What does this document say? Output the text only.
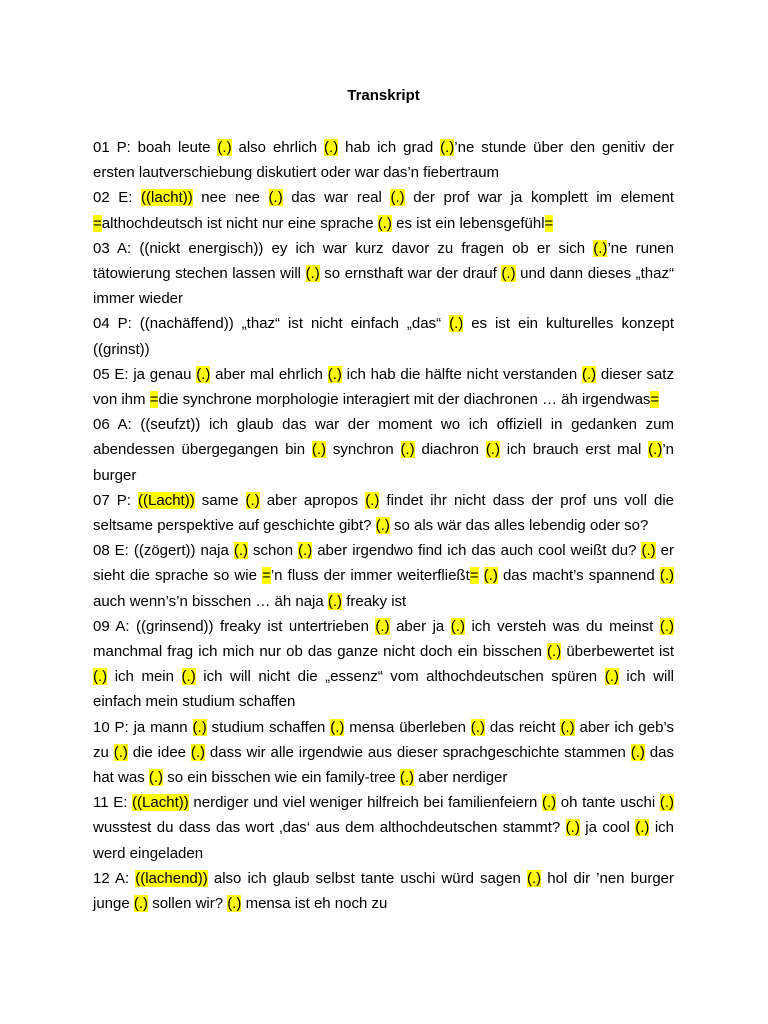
Transkript

01 P: boah leute (.) also ehrlich (.) hab ich grad (.)’ne stunde über den genitiv der ersten lautverschiebung diskutiert oder war das’n fiebertraum

02 E: ((lacht)) nee nee (.) das war real (.) der prof war ja komplett im element =althochdeutsch ist nicht nur eine sprache (.) es ist ein lebensgefühl=

03 A: ((nickt energisch)) ey ich war kurz davor zu fragen ob er sich (.)’ne runen tätowierung stechen lassen will (.) so ernsthaft war der drauf (.) und dann dieses „thaz“ immer wieder

04 P: ((nachäffend)) „thaz“ ist nicht einfach „das“ (.) es ist ein kulturelles konzept ((grinst))

05 E: ja genau (.) aber mal ehrlich (.) ich hab die hälfte nicht verstanden (.) dieser satz von ihm =die synchrone morphologie interagiert mit der diachronen … äh irgendwas=

06 A: ((seufzt)) ich glaub das war der moment wo ich offiziell in gedanken zum abendessen übergegangen bin (.) synchron (.) diachron (.) ich brauch erst mal (.)’n burger

07 P: ((Lacht)) same (.) aber apropos (.) findet ihr nicht dass der prof uns voll die seltsame perspektive auf geschichte gibt? (.) so als wär das alles lebendig oder so?

08 E: ((zögert)) naja (.) schon (.) aber irgendwo find ich das auch cool weißt du? (.) er sieht die sprache so wie =’n fluss der immer weiterfließt= (.) das macht’s spannend (.) auch wenn’s’n bisschen … äh naja (.) freaky ist

09 A: ((grinsend)) freaky ist untertrieben (.) aber ja (.) ich versteh was du meinst (.) manchmal frag ich mich nur ob das ganze nicht doch ein bisschen (.) überbewertet ist (.) ich mein (.) ich will nicht die „essenz“ vom althochdeutschen spüren (.) ich will einfach mein studium schaffen

10 P: ja mann (.) studium schaffen (.) mensa überleben (.) das reicht (.) aber ich geb’s zu (.) die idee (.) dass wir alle irgendwie aus dieser sprachgeschichte stammen (.) das hat was (.) so ein bisschen wie ein family-tree (.) aber nerdiger

11 E: ((Lacht)) nerdiger und viel weniger hilfreich bei familienfeiern (.) oh tante uschi (.) wusstest du dass das wort ‚das‘ aus dem althochdeutschen stammt? (.) ja cool (.) ich werd eingeladen

12 A: ((lachend)) also ich glaub selbst tante uschi würd sagen (.) hol dir ’nen burger junge (.) sollen wir? (.) mensa ist eh noch zu
